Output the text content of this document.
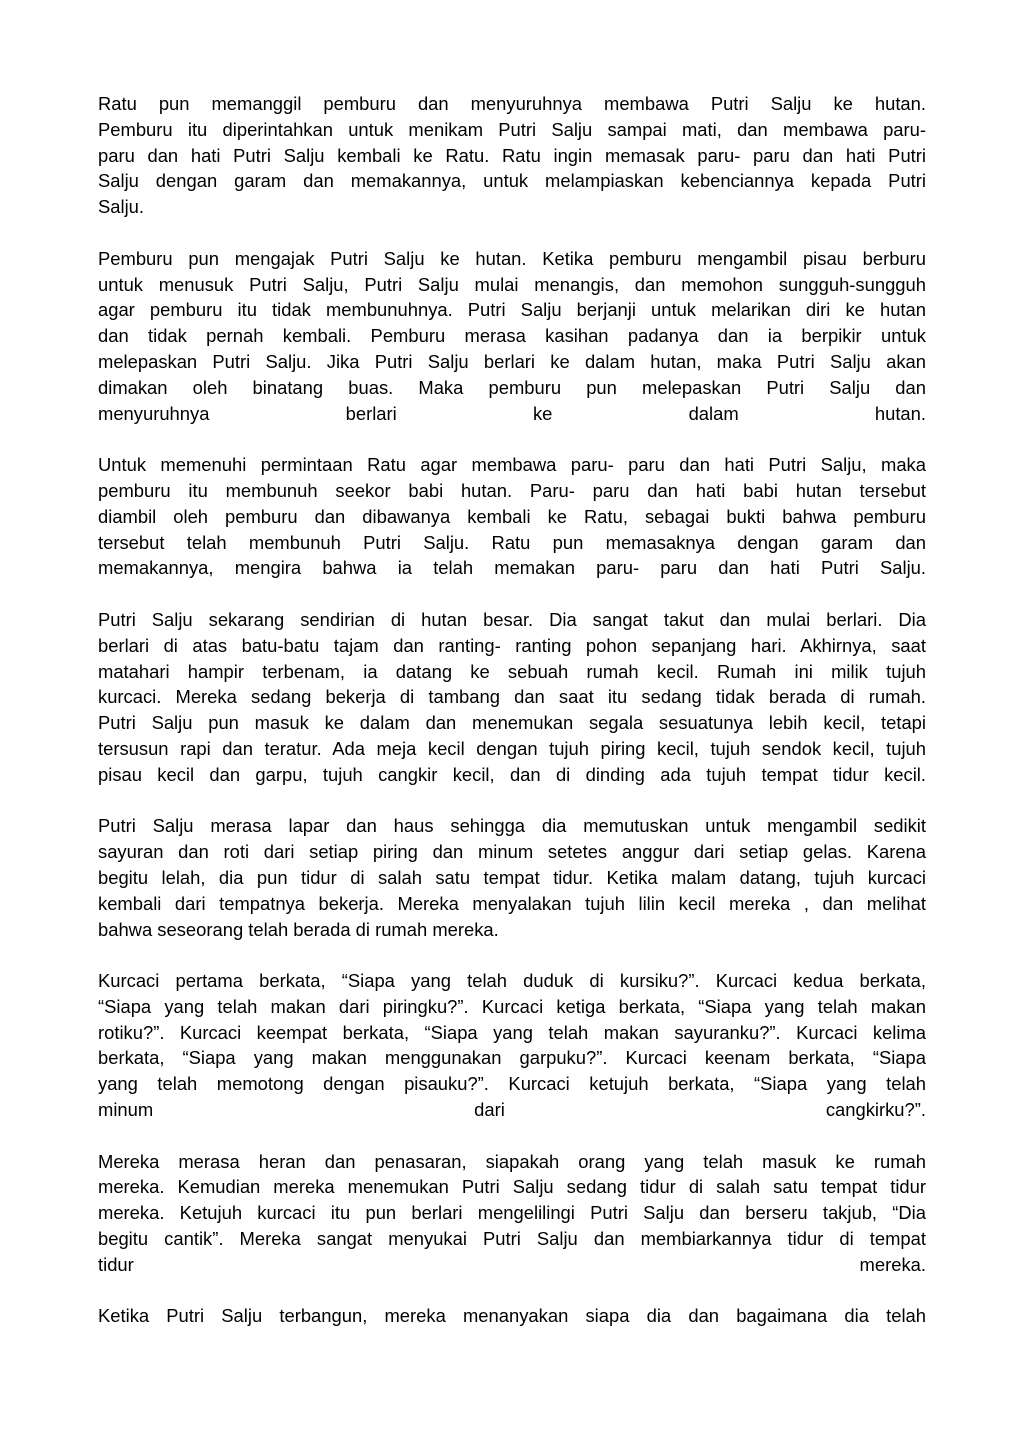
Ratu pun memanggil pemburu dan menyuruhnya membawa Putri Salju ke hutan.
Pemburu itu diperintahkan untuk menikam Putri Salju sampai mati, dan membawa paru-
paru dan hati Putri Salju kembali ke Ratu. Ratu ingin memasak paru- paru dan hati Putri
Salju dengan garam dan memakannya, untuk melampiaskan kebenciannya kepada Putri
Salju.
Pemburu pun mengajak Putri Salju ke hutan. Ketika pemburu mengambil pisau berburu
untuk menusuk Putri Salju, Putri Salju mulai menangis, dan memohon sungguh-sungguh
agar pemburu itu tidak membunuhnya. Putri Salju berjanji untuk melarikan diri ke hutan
dan tidak pernah kembali. Pemburu merasa kasihan padanya dan ia berpikir untuk
melepaskan Putri Salju. Jika Putri Salju berlari ke dalam hutan, maka Putri Salju akan
dimakan oleh binatang buas. Maka pemburu pun melepaskan Putri Salju dan
menyuruhnya berlari ke dalam hutan.
Untuk memenuhi permintaan Ratu agar membawa paru- paru dan hati Putri Salju, maka
pemburu itu membunuh seekor babi hutan. Paru- paru dan hati babi hutan tersebut
diambil oleh pemburu dan dibawanya kembali ke Ratu, sebagai bukti bahwa pemburu
tersebut telah membunuh Putri Salju. Ratu pun memasaknya dengan garam dan
memakannya, mengira bahwa ia telah memakan paru- paru dan hati Putri Salju.
Putri Salju sekarang sendirian di hutan besar. Dia sangat takut dan mulai berlari. Dia
berlari di atas batu-batu tajam dan ranting- ranting pohon sepanjang hari. Akhirnya, saat
matahari hampir terbenam, ia datang ke sebuah rumah kecil. Rumah ini milik tujuh
kurcaci. Mereka sedang bekerja di tambang dan saat itu sedang tidak berada di rumah.
Putri Salju pun masuk ke dalam dan menemukan segala sesuatunya lebih kecil, tetapi
tersusun rapi dan teratur. Ada meja kecil dengan tujuh piring kecil, tujuh sendok kecil, tujuh
pisau kecil dan garpu, tujuh cangkir kecil, dan di dinding ada tujuh tempat tidur kecil.
Putri Salju merasa lapar dan haus sehingga dia memutuskan untuk mengambil sedikit
sayuran dan roti dari setiap piring dan minum setetes anggur dari setiap gelas. Karena
begitu lelah, dia pun tidur di salah satu tempat tidur. Ketika malam datang, tujuh kurcaci
kembali dari tempatnya bekerja. Mereka menyalakan tujuh lilin kecil mereka , dan melihat
bahwa seseorang telah berada di rumah mereka.
Kurcaci pertama berkata, “Siapa yang telah duduk di kursiku?”. Kurcaci kedua berkata,
“Siapa yang telah makan dari piringku?”. Kurcaci ketiga berkata, “Siapa yang telah makan
rotiku?”. Kurcaci keempat berkata, “Siapa yang telah makan sayuranku?”. Kurcaci kelima
berkata, “Siapa yang makan menggunakan garpuku?”. Kurcaci keenam berkata, “Siapa
yang telah memotong dengan pisauku?”. Kurcaci ketujuh berkata, “Siapa yang telah
minum dari cangkirku?”.
Mereka merasa heran dan penasaran, siapakah orang yang telah masuk ke rumah
mereka. Kemudian mereka menemukan Putri Salju sedang tidur di salah satu tempat tidur
mereka. Ketujuh kurcaci itu pun berlari mengelilingi Putri Salju dan berseru takjub, “Dia
begitu cantik”. Mereka sangat menyukai Putri Salju dan membiarkannya tidur di tempat
tidur mereka.
Ketika Putri Salju terbangun, mereka menanyakan siapa dia dan bagaimana dia telah
